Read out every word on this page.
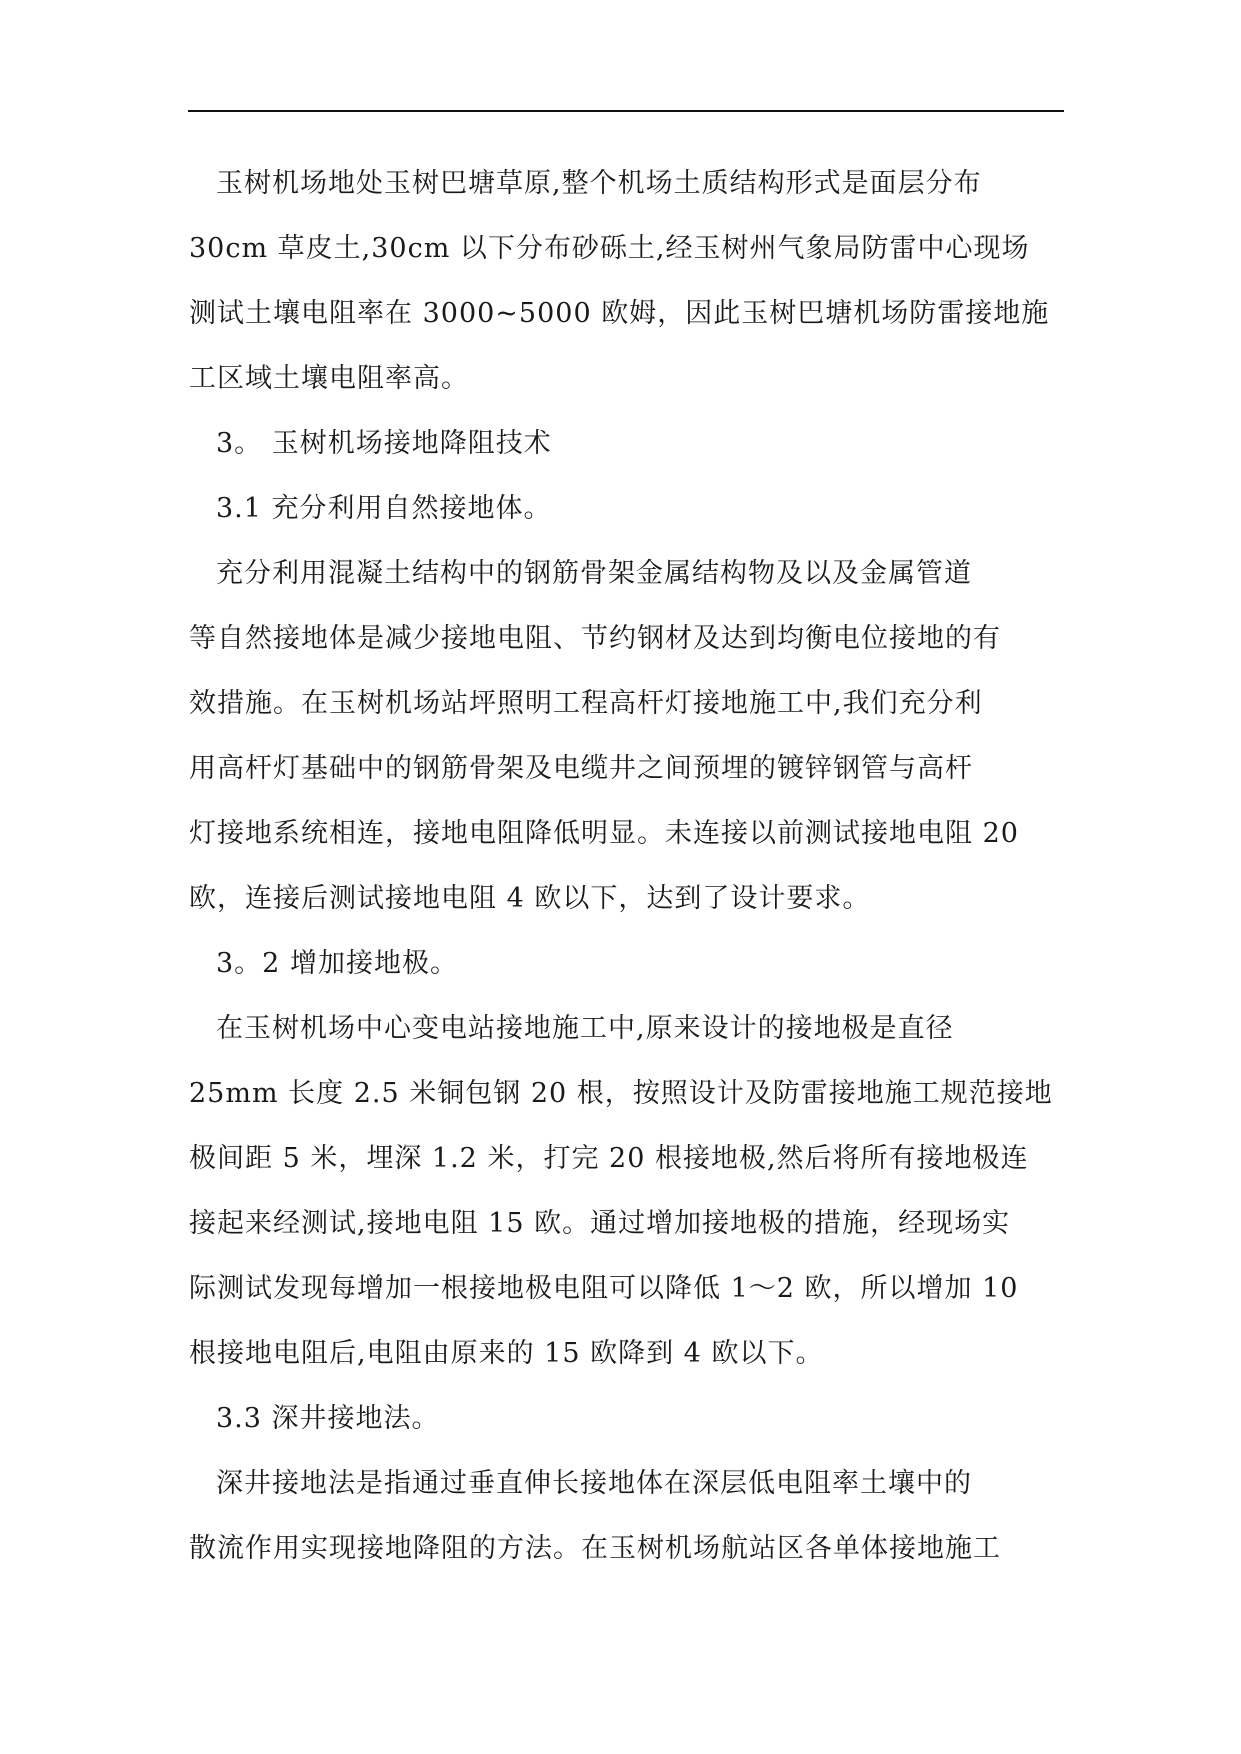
玉树机场地处玉树巴塘草原,整个机场土质结构形式是面层分布
30cm 草皮土,30cm 以下分布砂砾土,经玉树州气象局防雷中心现场
测试土壤电阻率在 3000~5000 欧姆，因此玉树巴塘机场防雷接地施
工区域土壤电阻率高。
3。 玉树机场接地降阻技术
3.1 充分利用自然接地体。
充分利用混凝土结构中的钢筋骨架金属结构物及以及金属管道
等自然接地体是减少接地电阻、节约钢材及达到均衡电位接地的有
效措施。在玉树机场站坪照明工程高杆灯接地施工中,我们充分利
用高杆灯基础中的钢筋骨架及电缆井之间预埋的镀锌钢管与高杆
灯接地系统相连，接地电阻降低明显。未连接以前测试接地电阻 20
欧，连接后测试接地电阻 4 欧以下，达到了设计要求。
3。2 增加接地极。
在玉树机场中心变电站接地施工中,原来设计的接地极是直径
25mm 长度 2.5 米铜包钢 20 根，按照设计及防雷接地施工规范接地
极间距 5 米，埋深 1.2 米，打完 20 根接地极,然后将所有接地极连
接起来经测试,接地电阻 15 欧。通过增加接地极的措施，经现场实
际测试发现每增加一根接地极电阻可以降低 1～2 欧，所以增加 10
根接地电阻后,电阻由原来的 15 欧降到 4 欧以下。
3.3 深井接地法。
深井接地法是指通过垂直伸长接地体在深层低电阻率土壤中的
散流作用实现接地降阻的方法。在玉树机场航站区各单体接地施工
